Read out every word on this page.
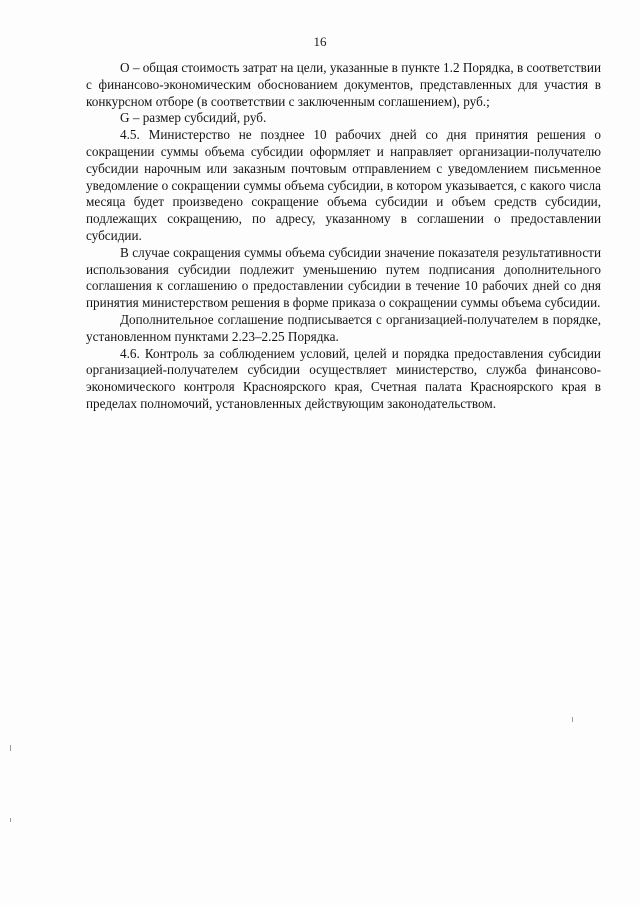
16

О – общая стоимость затрат на цели, указанные в пункте 1.2 Порядка, в соответствии с финансово-экономическим обоснованием документов, представленных для участия в конкурсном отборе (в соответствии с заключенным соглашением), руб.;

G – размер субсидий, руб.

4.5. Министерство не позднее 10 рабочих дней со дня принятия решения о сокращении суммы объема субсидии оформляет и направляет организации-получателю субсидии нарочным или заказным почтовым отправлением с уведомлением письменное уведомление о сокращении суммы объема субсидии, в котором указывается, с какого числа месяца будет произведено сокращение объема субсидии и объем средств субсидии, подлежащих сокращению, по адресу, указанному в соглашении о предоставлении субсидии.

В случае сокращения суммы объема субсидии значение показателя результативности использования субсидии подлежит уменьшению путем подписания дополнительного соглашения к соглашению о предоставлении субсидии в течение 10 рабочих дней со дня принятия министерством решения в форме приказа о сокращении суммы объема субсидии.

Дополнительное соглашение подписывается с организацией-получателем в порядке, установленном пунктами 2.23–2.25 Порядка.

4.6. Контроль за соблюдением условий, целей и порядка предоставления субсидии организацией-получателем субсидии осуществляет министерство, служба финансово-экономического контроля Красноярского края, Счетная палата Красноярского края в пределах полномочий, установленных действующим законодательством.
